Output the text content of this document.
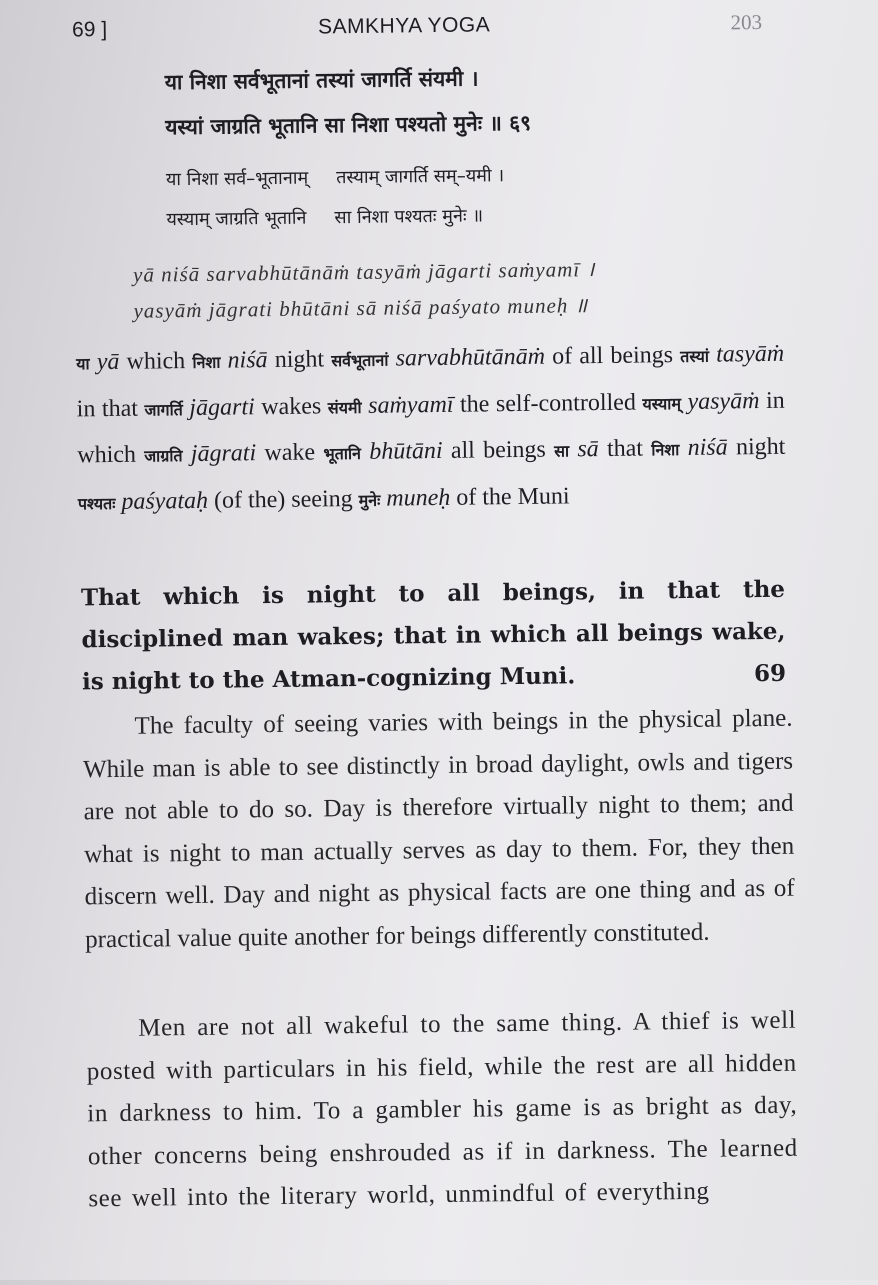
69 ]	SAMKHYA YOGA	203
या निशा सर्वभूतानां तस्यां जागर्ति संयमी ।
यस्यां जाग्रति भूतानि सा निशा पश्यतो मुनेः ॥ ६९
या निशा सर्व–भूतानाम् तस्याम् जागर्ति सम्–यमी ।
यस्याम् जाग्रति भूतानि सा निशा पश्यतः मुनेः ॥
yā niśā sarvabhūtānāṁ tasyāṁ jāgarti saṁyamī ।
yasyāṁ jāgrati bhūtāni sā niśā paśyato muneḥ ॥
या yā which निशा niśā night सर्वभूतानां sarvabhūtānāṁ of all beings तस्यां tasyāṁ in that जागर्ति jāgarti wakes संयमी saṁyamī the self-controlled यस्याम् yasyāṁ in which जाग्रति jāgrati wake भूतानि bhūtāni all beings सा sā that निशा niśā night पश्यतः paśyataḥ (of the) seeing मुनेः muneḥ of the Muni

That which is night to all beings, in that the disciplined man wakes; that in which all beings wake, is night to the Atman-cognizing Muni.	69

The faculty of seeing varies with beings in the physical plane. While man is able to see distinctly in broad daylight, owls and tigers are not able to do so. Day is therefore virtually night to them; and what is night to man actually serves as day to them. For, they then discern well. Day and night as physical facts are one thing and as of practical value quite another for beings differently constituted.

Men are not all wakeful to the same thing. A thief is well posted with particulars in his field, while the rest are all hidden in darkness to him. To a gambler his game is as bright as day, other concerns being enshrouded as if in darkness. The learned see well into the literary world, unmindful of everything
